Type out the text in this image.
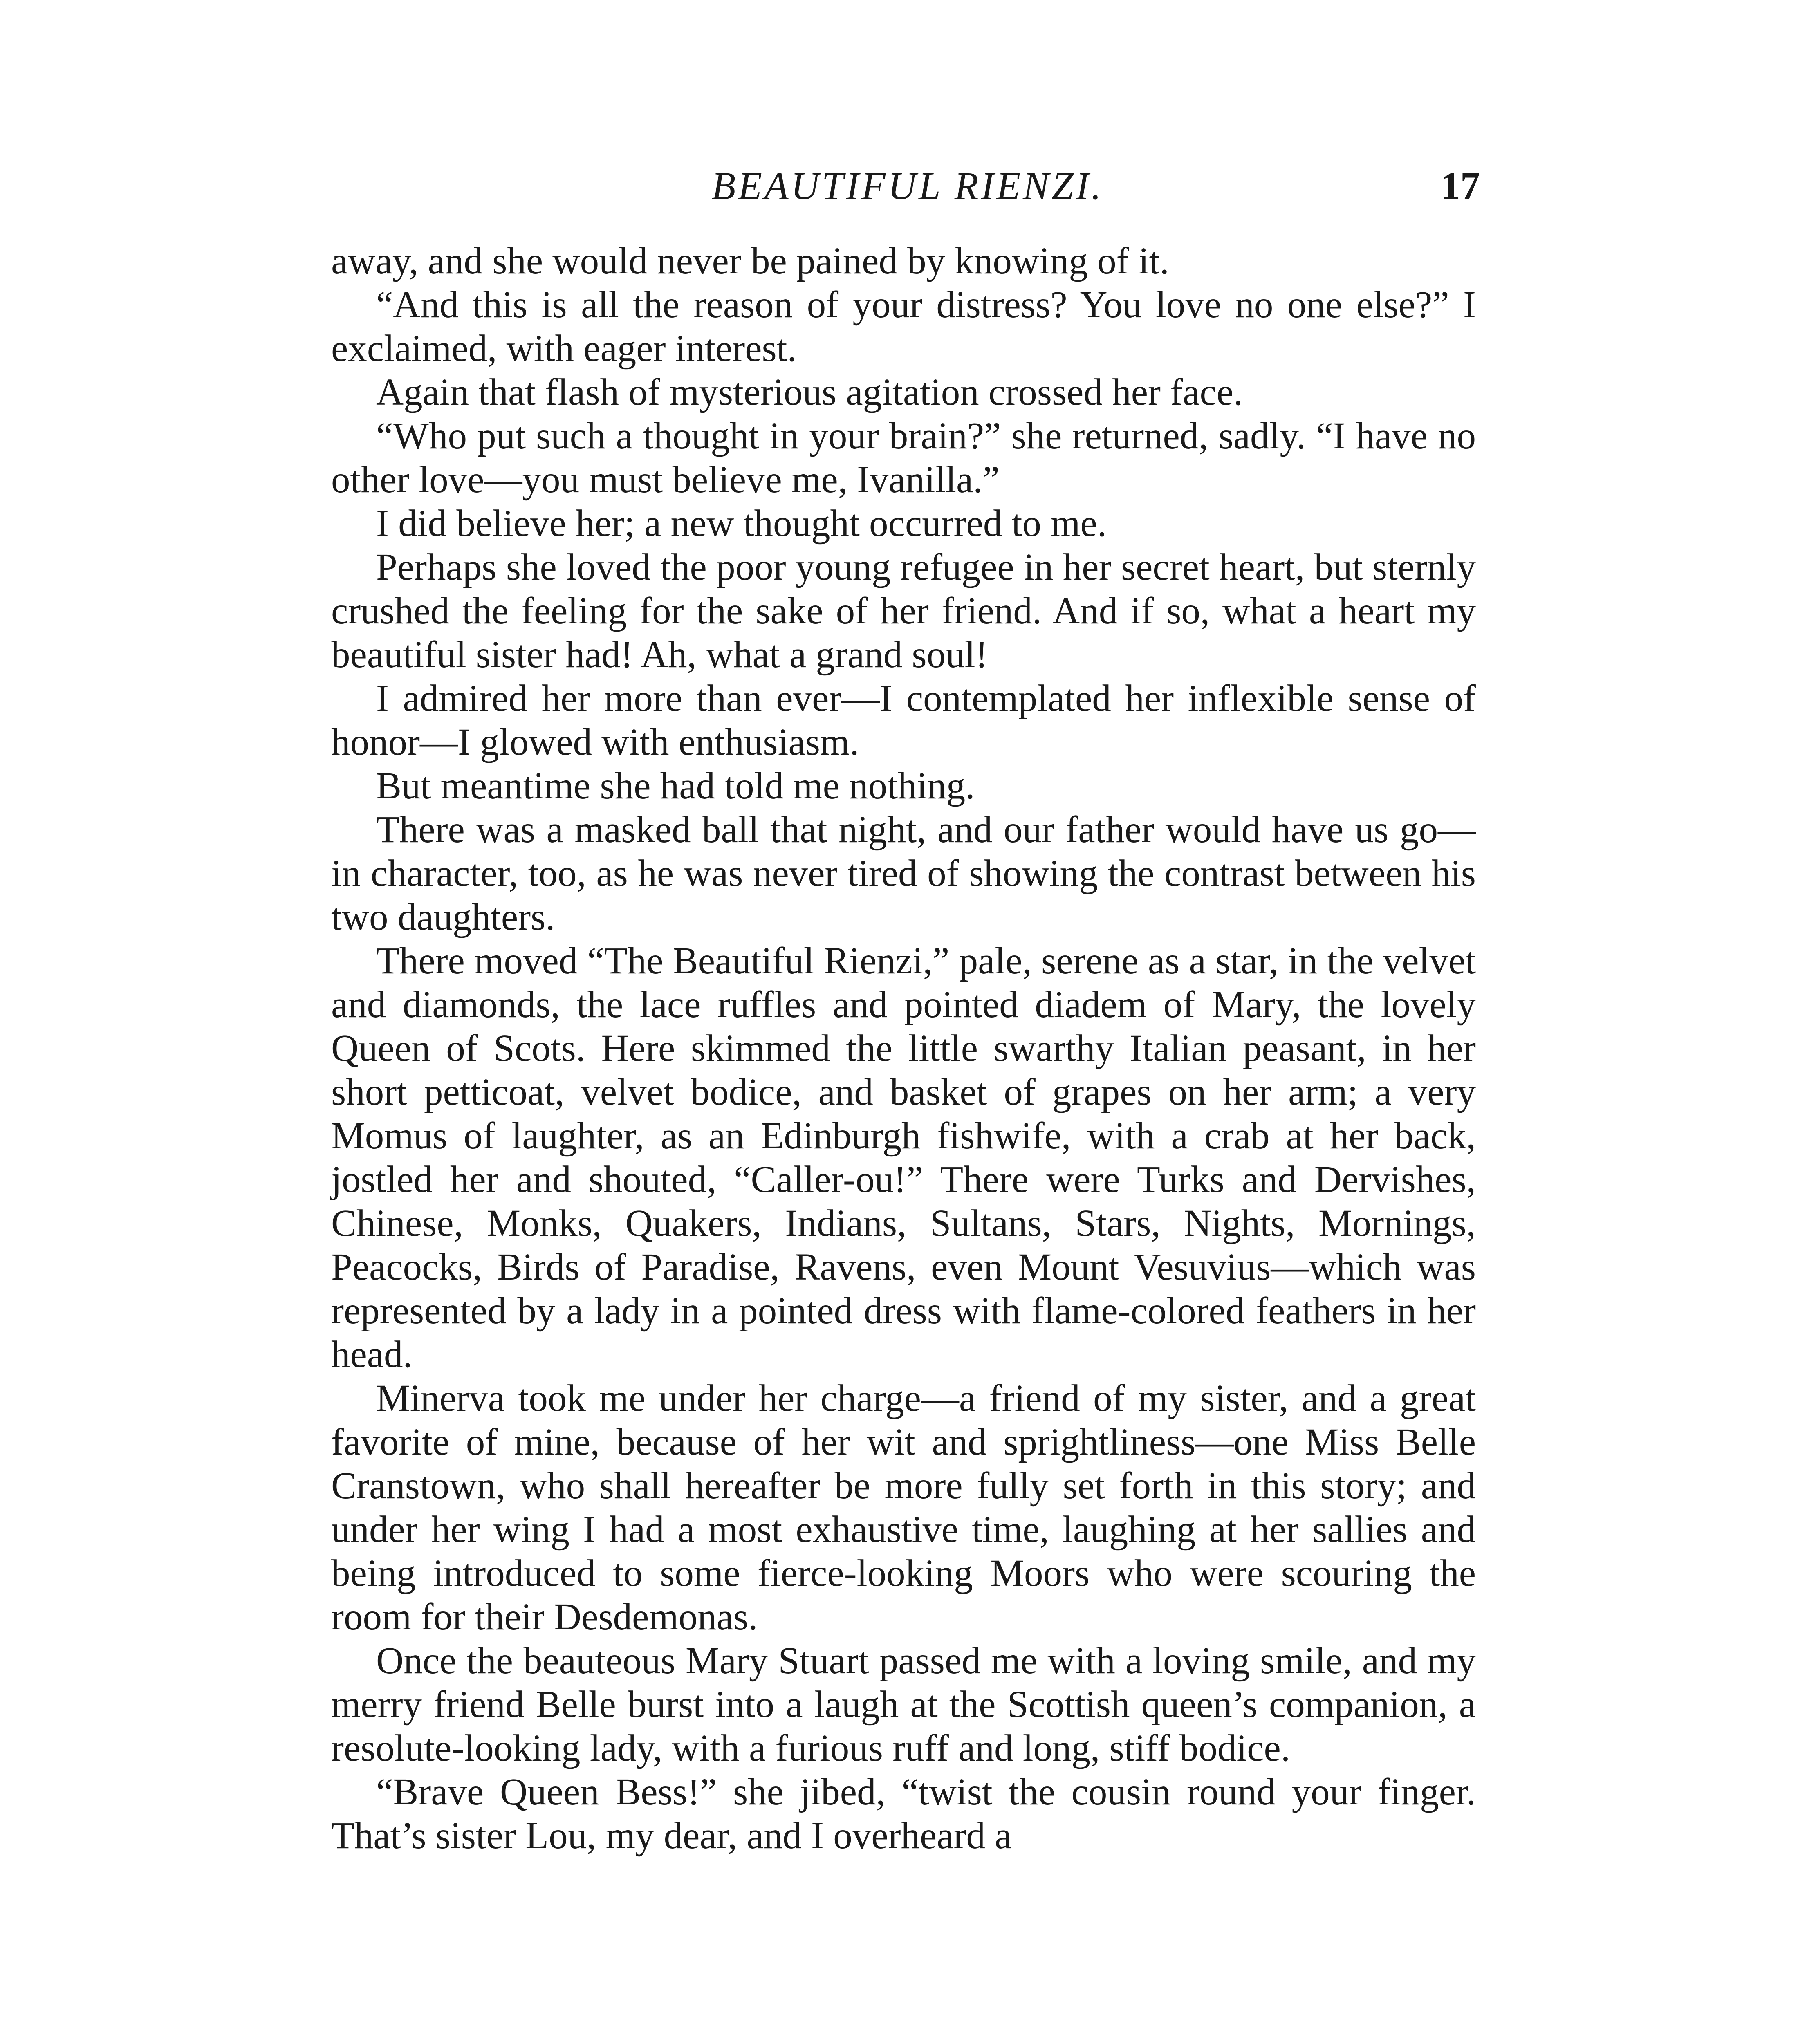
BEAUTIFUL RIENZI.	17

away, and she would never be pained by knowing of it.

“And this is all the reason of your distress? You love no one else?” I exclaimed, with eager interest.

Again that flash of mysterious agitation crossed her face.

“Who put such a thought in your brain?” she returned, sadly. “I have no other love—you must believe me, Ivanilla.”

I did believe her; a new thought occurred to me.

Perhaps she loved the poor young refugee in her secret heart, but sternly crushed the feeling for the sake of her friend. And if so, what a heart my beautiful sister had! Ah, what a grand soul!

I admired her more than ever—I contemplated her inflexible sense of honor—I glowed with enthusiasm.

But meantime she had told me nothing.

There was a masked ball that night, and our father would have us go—in character, too, as he was never tired of showing the contrast between his two daughters.

There moved “The Beautiful Rienzi,” pale, serene as a star, in the velvet and diamonds, the lace ruffles and pointed diadem of Mary, the lovely Queen of Scots. Here skimmed the little swarthy Italian peasant, in her short petticoat, velvet bodice, and basket of grapes on her arm; a very Momus of laughter, as an Edinburgh fishwife, with a crab at her back, jostled her and shouted, “Caller-ou!” There were Turks and Dervishes, Chinese, Monks, Quakers, Indians, Sultans, Stars, Nights, Mornings, Peacocks, Birds of Paradise, Ravens, even Mount Vesuvius—which was represented by a lady in a pointed dress with flame-colored feathers in her head.

Minerva took me under her charge—a friend of my sister, and a great favorite of mine, because of her wit and sprightliness—one Miss Belle Cranstown, who shall hereafter be more fully set forth in this story; and under her wing I had a most exhaustive time, laughing at her sallies and being introduced to some fierce-looking Moors who were scouring the room for their Desdemonas.

Once the beauteous Mary Stuart passed me with a loving smile, and my merry friend Belle burst into a laugh at the Scottish queen’s companion, a resolute-looking lady, with a furious ruff and long, stiff bodice.

“Brave Queen Bess!” she jibed, “twist the cousin round your finger. That’s sister Lou, my dear, and I overheard a
